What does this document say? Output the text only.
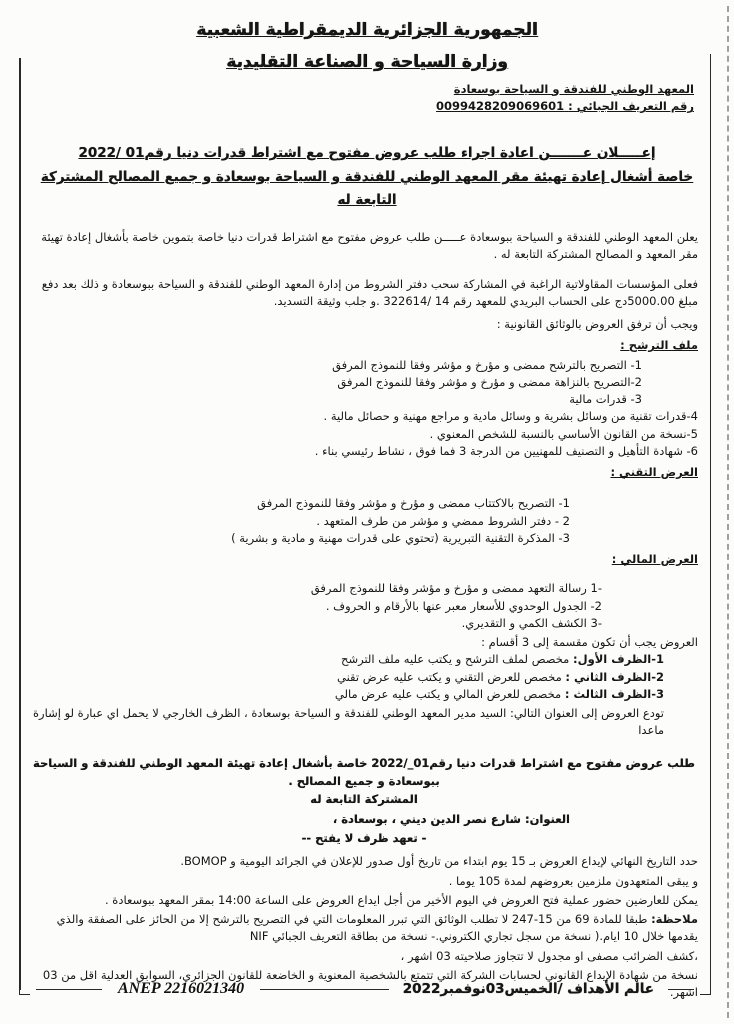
الجمهورية الجزائرية الديمقراطية الشعبية
وزارة السياحة و الصناعة التقليدية
المعهد الوطني للفندقة و السياحة بوسعادة
رقم التعريف الجبائي : 0099428209069601
إعـــــلان عـــــــن اعادة اجراء طلب عروض مفتوح مع اشتراط قدرات دنيا رقم01 /2022
خاصة أشغال إعادة تهيئة مقر المعهد الوطني للفندقة و السياحة بوسعادة و جميع المصالح المشتركة التابعة له

يعلن المعهد الوطني للفندقة و السياحة ببوسعادة عـــــن طلب عروض مفتوح مع اشتراط قدرات دنيا خاصة بتموين خاصة بأشغال إعادة تهيئة مقر المعهد و المصالح المشتركة التابعة له .

فعلى المؤسسات المقاولاتية الراغبة في المشاركة سحب دفتر الشروط من إدارة المعهد الوطني للفندقة و السياحة ببوسعادة و ذلك بعد دفع مبلغ 5000.00دج على الحساب البريدي للمعهد رقم 14 /322614 .و جلب وثيقة التسديد.

ويجب أن ترفق العروض بالوثائق القانونية :

ملف الترشح :
1- التصريح بالترشح ممضى و مؤرخ و مؤشر وفقا للنموذج المرفق
2-التصريح بالنزاهة ممضى و مؤرخ و مؤشر وفقا للنموذج المرفق
3- قدرات مالية
4-قدرات تقنية من وسائل بشرية و وسائل مادية و مراجع مهنية و حصائل مالية .
5-نسخة من القانون الأساسي بالنسبة للشخص المعنوي .
6- شهادة التأهيل و التصنيف للمهنيين من الدرجة 3 فما فوق ، نشاط رئيسي بناء .
العرض التقني :
1- التصريح بالاكتتاب ممضى و مؤرخ و مؤشر وفقا للنموذج المرفق
2 - دفتر الشروط ممضي و مؤشر من طرف المتعهد .
3- المذكرة التقنية التبريرية (تحتوي على قدرات مهنية و مادية و بشرية )
العرض المالي :
-1 رسالة التعهد ممضى و مؤرخ و مؤشر وفقا للنموذج المرفق
2- الجدول الوحدوي للأسعار معبر عنها بالأرقام و الحروف .
-3 الكشف الكمي و التقديري.

العروض يجب أن تكون مقسمة إلى 3 أقسام :

1-الظرف الأول: مخصص لملف الترشح و يكتب عليه ملف الترشح
2-الظرف الثاني : مخصص للعرض التقني و يكتب عليه عرض تقني
3-الظرف الثالث : مخصص للعرض المالي و يكتب عليه عرض مالي

تودع العروض إلى العنوان التالي: السيد مدير المعهد الوطني للفندقة و السياحة بوسعادة ، الظرف الخارجي لا يحمل اي عبارة لو إشارة ماعدا

طلب عروض مفتوح مع اشتراط قدرات دنيا رقم01_/2022 خاصة بأشغال إعادة تهيئة المعهد الوطني للفندقة و السياحة ببوسعادة و جميع المصالح .
المشتركة التابعة له
العنوان: شارع نصر الدين ديني ، بوسعادة ،
- تعهد ظرف لا يفتح --

حدد التاريخ النهائي لإيداع العروض بـ 15 يوم ابتداء من تاريخ أول صدور للإعلان في الجرائد اليومية و BOMOP.

و يبقى المتعهدون ملزمين بعروضهم لمدة 105 يوما .

يمكن للعارضين حضور عملية فتح العروض في اليوم الأخير من أجل ايداع العروض على الساعة 14:00 بمقر المعهد ببوسعادة .

ملاحظة: طبقا للمادة 69 من 15-247 لا تطلب الوثائق التي تبرر المعلومات التي في التصريح بالترشح إلا من الحائز على الصفقة والذي يقدمها خلال 10 ايام.( نسخة من سجل تجاري الكتروني.- نسخة من بطاقة التعريف الجبائي NIF

،كشف الضرائب مصفى او مجدول لا تتجاوز صلاحيته 03 اشهر ،

نسخة من شهادة الإيداع القانوني لحسابات الشركة التي تتمتع بالشخصية المعنوية و الخاضعة للقانون الجزائري، السوابق العدلية اقل من 03 اشهر.

ANEP 2216021340	عالم الأهداف /الخميس03نوفمبر2022
